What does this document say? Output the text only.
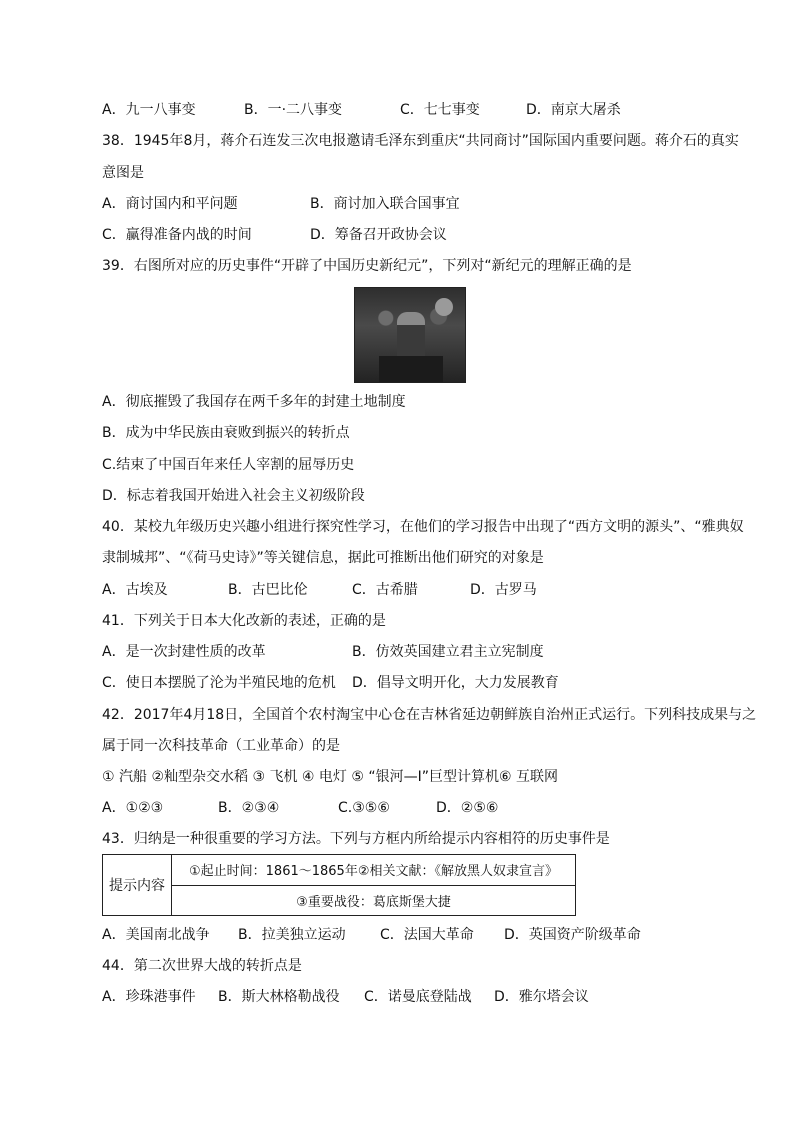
A．九一八事变	B．一·二八事变	C．七七事变	D．南京大屠杀
38．1945年8月，蒋介石连发三次电报邀请毛泽东到重庆“共同商讨”国际国内重要问题。蒋介石的真实
意图是
A．商讨国内和平问题	B．商讨加入联合国事宜
C．赢得准备内战的时间	D．筹备召开政协会议
39．右图所对应的历史事件“开辟了中国历史新纪元”，下列对“新纪元的理解正确的是
A．彻底摧毁了我国存在两千多年的封建土地制度
B．成为中华民族由衰败到振兴的转折点
C.结束了中国百年来任人宰割的屈辱历史
D．标志着我国开始进入社会主义初级阶段
40．某校九年级历史兴趣小组进行探究性学习，在他们的学习报告中出现了“西方文明的源头”、“雅典奴
隶制城邦”、“《荷马史诗》”等关键信息，据此可推断出他们研究的对象是
A．古埃及	B．古巴比伦	C．古希腊	D．古罗马
41．下列关于日本大化改新的表述，正确的是
A．是一次封建性质的改革	B．仿效英国建立君主立宪制度
C．使日本摆脱了沦为半殖民地的危机 D．倡导文明开化，大力发展教育
42．2017年4月18日，全国首个农村淘宝中心仓在吉林省延边朝鲜族自治州正式运行。下列科技成果与之
属于同一次科技革命（工业革命）的是
① 汽船 ②籼型杂交水稻 ③ 飞机 ④ 电灯 ⑤ “银河—I”巨型计算机⑥ 互联网
A．①②③	B．②③④	C.③⑤⑥	D．②⑤⑥
43．归纳是一种很重要的学习方法。下列与方框内所给提示内容相符的历史事件是
提示内容	①起止时间：1861～1865年②相关文献：《解放黑人奴隶宣言》
③重要战役：葛底斯堡大捷
A．美国南北战争 B．拉美独立运动 C．法国大革命 D．英国资产阶级革命
44．第二次世界大战的转折点是
A．珍珠港事件 B．斯大林格勒战役 C．诺曼底登陆战 D．雅尔塔会议
